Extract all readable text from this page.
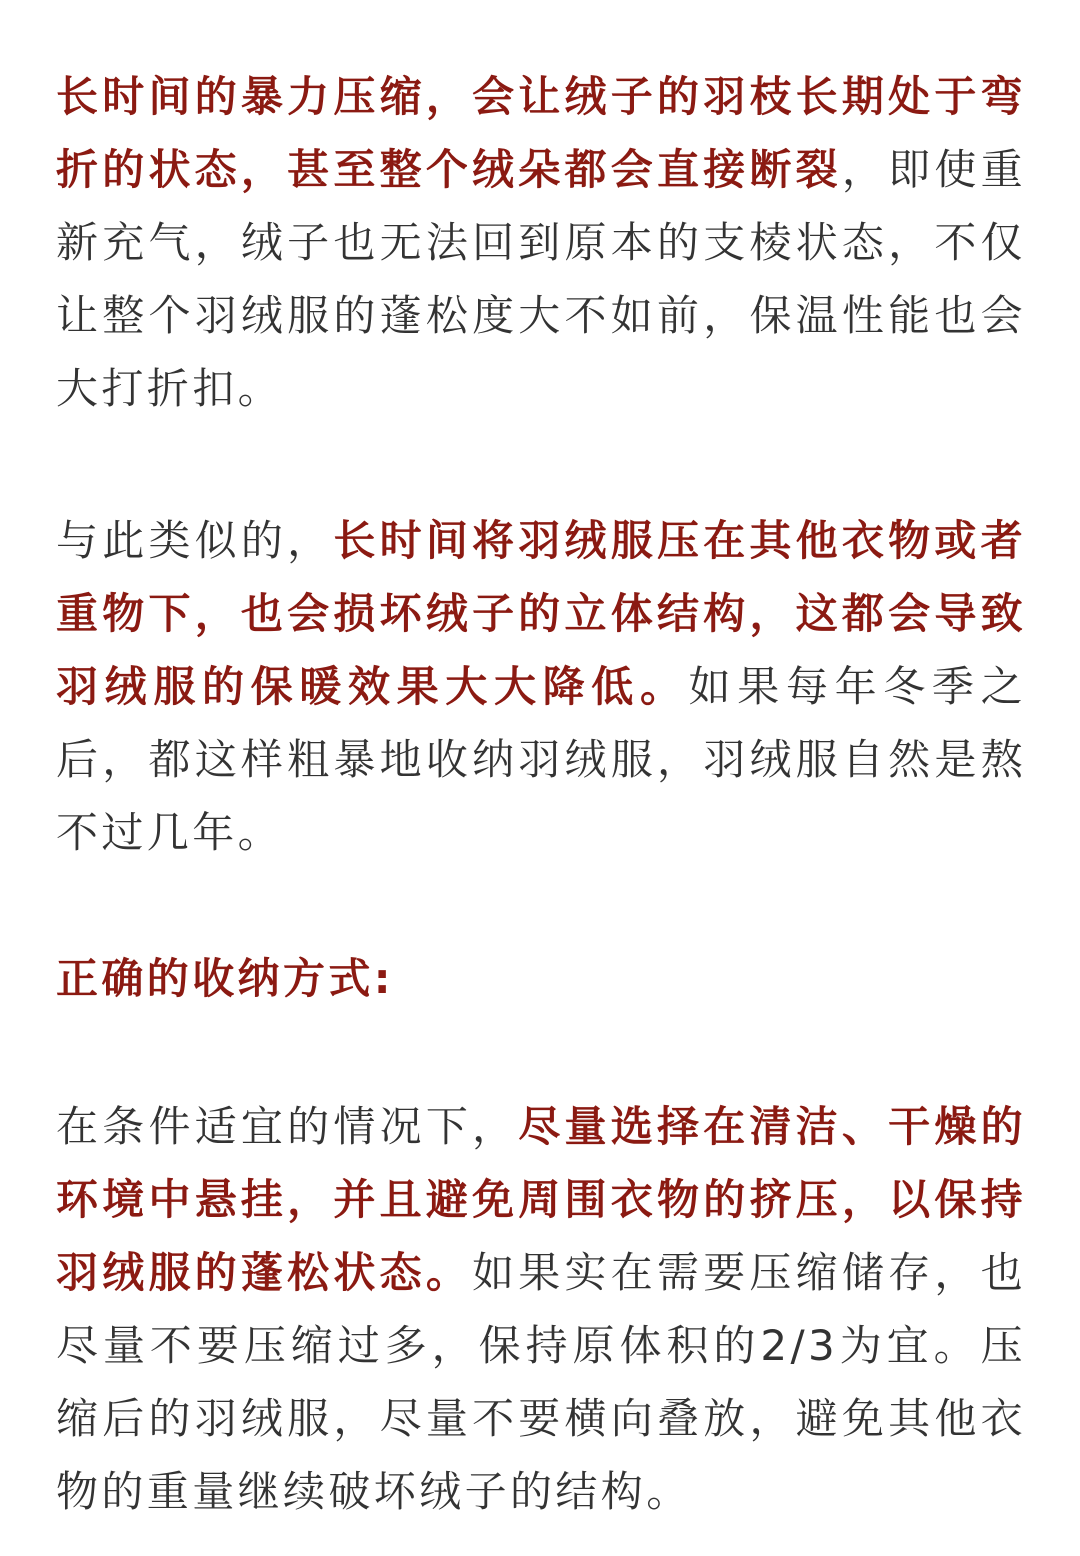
长时间的暴力压缩，会让绒子的羽枝长期处于弯折的状态，甚至整个绒朵都会直接断裂，即使重新充气，绒子也无法回到原本的支棱状态，不仅让整个羽绒服的蓬松度大不如前，保温性能也会大打折扣。

与此类似的，长时间将羽绒服压在其他衣物或者重物下，也会损坏绒子的立体结构，这都会导致羽绒服的保暖效果大大降低。如果每年冬季之后，都这样粗暴地收纳羽绒服，羽绒服自然是熬不过几年。

正确的收纳方式:

在条件适宜的情况下，尽量选择在清洁、干燥的环境中悬挂，并且避免周围衣物的挤压，以保持羽绒服的蓬松状态。如果实在需要压缩储存，也尽量不要压缩过多，保持原体积的2/3为宜。压缩后的羽绒服，尽量不要横向叠放，避免其他衣物的重量继续破坏绒子的结构。
